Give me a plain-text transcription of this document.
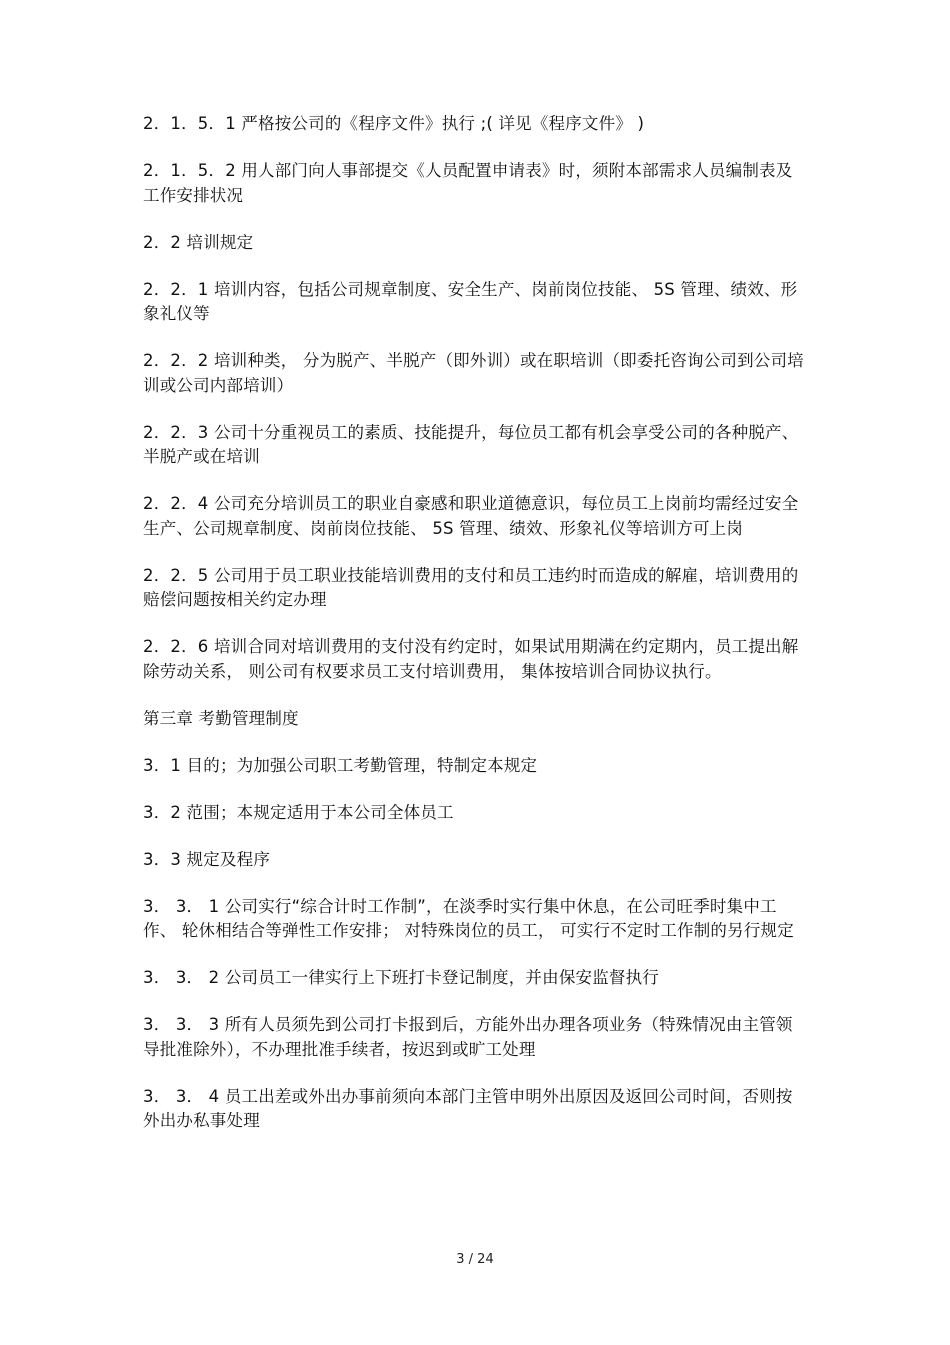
2．1．5．1 严格按公司的《程序文件》执行 ;( 详见《程序文件》 )

2．1．5．2 用人部门向人事部提交《人员配置申请表》时，须附本部需求人员编制表及工作安排状况

2．2 培训规定

2．2．1 培训内容，包括公司规章制度、安全生产、岗前岗位技能、 5S 管理、绩效、形象礼仪等

2．2．2 培训种类， 分为脱产、半脱产（即外训）或在职培训（即委托咨询公司到公司培训或公司内部培训）

2．2．3 公司十分重视员工的素质、技能提升，每位员工都有机会享受公司的各种脱产、半脱产或在培训

2．2．4 公司充分培训员工的职业自豪感和职业道德意识，每位员工上岗前均需经过安全生产、公司规章制度、岗前岗位技能、 5S 管理、绩效、形象礼仪等培训方可上岗

2．2．5 公司用于员工职业技能培训费用的支付和员工违约时而造成的解雇，培训费用的赔偿问题按相关约定办理

2．2．6 培训合同对培训费用的支付没有约定时，如果试用期满在约定期内，员工提出解除劳动关系， 则公司有权要求员工支付培训费用， 集体按培训合同协议执行。

第三章 考勤管理制度

3．1 目的；为加强公司职工考勤管理，特制定本规定

3．2 范围；本规定适用于本公司全体员工

3．3 规定及程序

3． 3． 1 公司实行“综合计时工作制”，在淡季时实行集中休息，在公司旺季时集中工作、 轮休相结合等弹性工作安排； 对特殊岗位的员工， 可实行不定时工作制的另行规定

3． 3． 2 公司员工一律实行上下班打卡登记制度，并由保安监督执行

3． 3． 3 所有人员须先到公司打卡报到后，方能外出办理各项业务（特殊情况由主管领导批准除外），不办理批准手续者，按迟到或旷工处理

3． 3． 4 员工出差或外出办事前须向本部门主管申明外出原因及返回公司时间，否则按外出办私事处理

3 / 24
